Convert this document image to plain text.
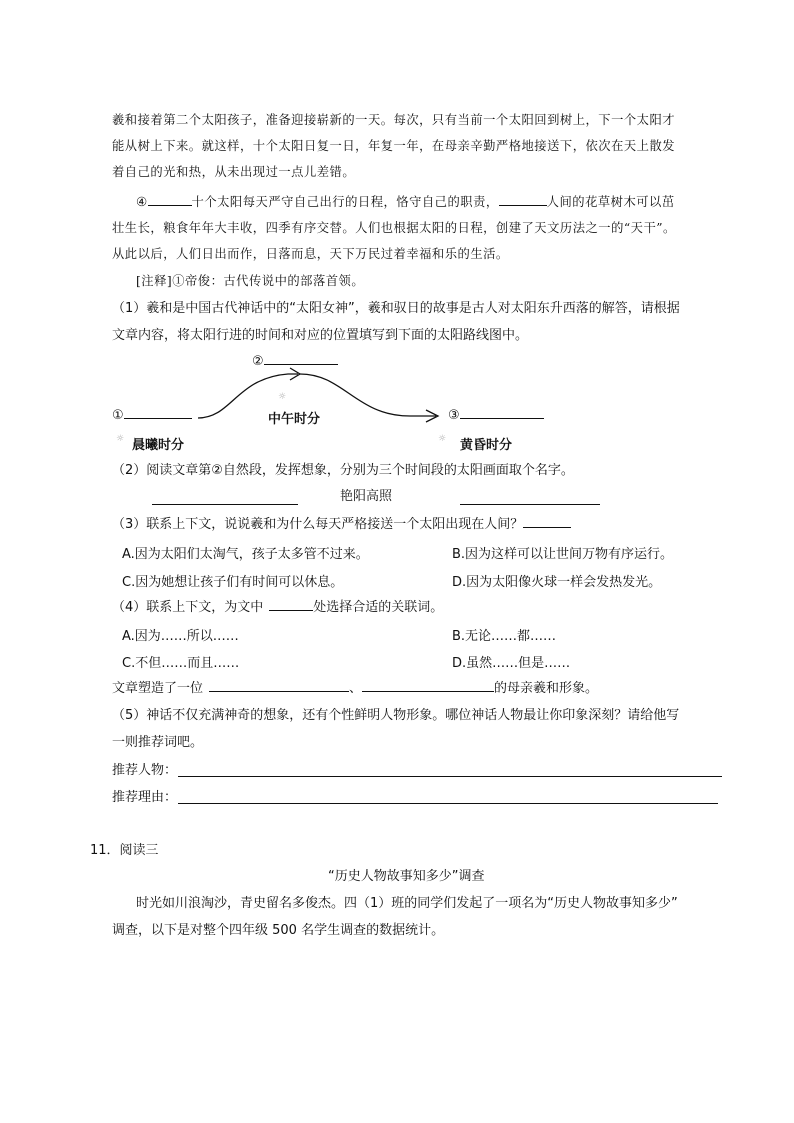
羲和接着第二个太阳孩子，准备迎接崭新的一天。每次，只有当前一个太阳回到树上，下一个太阳才
能从树上下来。就这样，十个太阳日复一日，年复一年，在母亲辛勤严格地接送下，依次在天上散发
着自己的光和热，从未出现过一点儿差错。
④	十个太阳每天严守自己出行的日程，恪守自己的职责，	人间的花草树木可以茁
壮生长，粮食年年大丰收，四季有序交替。人们也根据太阳的日程，创建了天文历法之一的“天干”。
从此以后，人们日出而作，日落而息，天下万民过着幸福和乐的生活。
[注释]①帝俊：古代传说中的部落首领。
（1）羲和是中国古代神话中的“太阳女神”，羲和驭日的故事是古人对太阳东升西落的解答，请根据
文章内容，将太阳行进的时间和对应的位置填写到下面的太阳路线图中。
②
☼
中午时分
①
☼ 晨曦时分
③
☼ 黄昏时分
（2）阅读文章第②自然段，发挥想象，分别为三个时间段的太阳画面取个名字。
艳阳高照
（3）联系上下文，说说羲和为什么每天严格接送一个太阳出现在人间？
A.因为太阳们太淘气，孩子太多管不过来。	B.因为这样可以让世间万物有序运行。
C.因为她想让孩子们有时间可以休息。	D.因为太阳像火球一样会发热发光。
（4）联系上下文，为文中	处选择合适的关联词。
A.因为……所以……	B.无论……都……
C.不但……而且……	D.虽然……但是……
文章塑造了一位	、	的母亲羲和形象。
（5）神话不仅充满神奇的想象，还有个性鲜明人物形象。哪位神话人物最让你印象深刻？请给他写
一则推荐词吧。
推荐人物：
推荐理由：
11．阅读三
“历史人物故事知多少”调查
时光如川浪淘沙，青史留名多俊杰。四（1）班的同学们发起了一项名为“历史人物故事知多少”
调查，以下是对整个四年级 500 名学生调查的数据统计。
